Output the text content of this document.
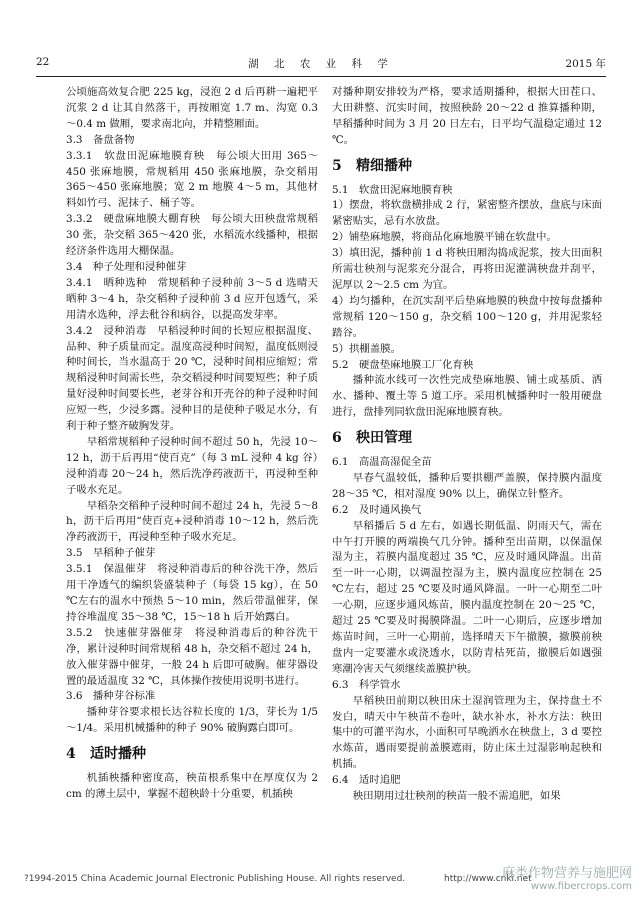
22	湖 北 农 业 科 学	2015 年

公顷施高效复合肥 225 kg，浸泡 2 d 后再耕一遍耙平沉浆 2 d 让其自然落干，再按厢宽 1.7 m、沟宽 0.3～0.4 m 做厢，要求南北向，并精整厢面。

3.3　备盘备物

3.3.1　软盘田泥麻地膜育秧　每公顷大田用 365～450 张麻地膜，常规稻用 450 张麻地膜，杂交稻用 365～450 张麻地膜；宽 2 m 地膜 4～5 m，其他材料如竹弓、泥抹子、桶子等。

3.3.2　硬盘麻地膜大棚育秧　每公顷大田秧盘常规稻 30 张，杂交稻 365～420 张，水稻流水线播种，根据经济条件选用大棚保温。

3.4　种子处理和浸种催芽

3.4.1　晒种选种　常规稻种子浸种前 3～5 d 选晴天晒种 3～4 h，杂交稻种子浸种前 3 d 应开包透气，采用清水选种，浮去秕谷和病谷，以提高发芽率。

3.4.2　浸种消毒　早稻浸种时间的长短应根据温度、品种、种子质量而定。温度高浸种时间短，温度低则浸种时间长，当水温高于 20 ℃，浸种时间相应缩短；常规稻浸种时间需长些，杂交稻浸种时间要短些；种子质量好浸种时间要长些，老芽谷和开壳谷的种子浸种时间应短一些，少浸多露。浸种目的是使种子吸足水分，有利于种子整齐破胸发芽。

早稻常规稻种子浸种时间不超过 50 h，先浸 10～12 h，沥干后再用“使百克”（每 3 mL 浸种 4 kg 谷）浸种消毒 20～24 h，然后洗净药液沥干，再浸种至种子吸水充足。

早稻杂交稻种子浸种时间不超过 24 h，先浸 5～8 h，沥干后再用“使百克+浸种消毒 10～12 h，然后洗净药液沥干，再浸种至种子吸水充足。

3.5　早稻种子催芽

3.5.1　保温催芽　将浸种消毒后的种谷洗干净，然后用干净透气的编织袋盛装种子（每袋 15 kg），在 50 ℃左右的温水中预热 5～10 min，然后带温催芽，保持谷堆温度 35～38 ℃，15～18 h 后开始露白。

3.5.2　快速催芽器催芽　将浸种消毒后的种谷洗干净，累计浸种时间常规稻 48 h，杂交稻不超过 24 h，放入催芽器中催芽，一般 24 h 后即可破胸。催芽器设置的最适温度 32 ℃，具体操作按使用说明书进行。

3.6　播种芽谷标准

播种芽谷要求根长达谷粒长度的 1/3，芽长为 1/5～1/4。采用机械播种的种子 90% 破胸露白即可。

4 适时播种

机插秧播种密度高，秧苗根系集中在厚度仅为 2 cm 的薄土层中，掌握不超秧龄十分重要，机插秧

对播种期安排较为严格，要求适期播种，根据大田茬口、大田耕整、沉实时间，按照秧龄 20～22 d 推算播种期，早稻播种时间为 3 月 20 日左右，日平均气温稳定通过 12 ℃。

5 精细播种

5.1　软盘田泥麻地膜育秧

1）摆盘，将软盘横排成 2 行，紧密整齐摆放，盘底与床面紧密贴实，忌有水放盘。

2）铺垫麻地膜，将商品化麻地膜平铺在软盘中。

3）填田泥，播种前 1 d 将秧田厢沟捣成泥浆，按大田面积所需壮秧剂与泥浆充分混合，再将田泥灌满秧盘并刮平，泥厚以 2～2.5 cm 为宜。

4）均匀播种，在沉实刮平后垫麻地膜的秧盘中按每盘播种常规稻 120～150 g，杂交稻 100～120 g，并用泥浆轻踏谷。

5）拱棚盖膜。

5.2　硬盘垫麻地膜工厂化育秧

播种流水线可一次性完成垫麻地膜、铺土或基质、洒水、播种、覆土等 5 道工序。采用机械播种时一般用硬盘进行，盘排列同软盘田泥麻地膜育秧。

6 秧田管理

6.1　高温高湿促全苗

早春气温较低，播种后要拱棚严盖膜，保持膜内温度 28～35 ℃，相对湿度 90% 以上，确保立针整齐。

6.2　及时通风换气

早稻播后 5 d 左右，如遇长期低温、阴雨天气，需在中午打开膜的两端换气几分钟。播种至出苗期，以保温保湿为主，若膜内温度超过 35 ℃，应及时通风降温。出苗至一叶一心期，以调温控湿为主，膜内温度应控制在 25 ℃左右，超过 25 ℃要及时通风降温。一叶一心期至二叶一心期，应逐步通风炼苗，膜内温度控制在 20～25 ℃，超过 25 ℃要及时揭膜降温。二叶一心期后，应逐步增加炼苗时间，三叶一心期前，选择晴天下午撤膜，撤膜前秧盘内一定要灌水或浇透水，以防青枯死苗，撤膜后如遇强寒潮冷害天气须继续盖膜护秧。

6.3　科学管水

早稻秧田前期以秧田床土湿润管理为主，保持盘土不发白，晴天中午秧苗不卷叶，缺水补水，补水方法：秧田集中的可灌平沟水，小面积可早晚洒水在秧盘上，3 d 要控水炼苗，遇雨要提前盖膜遮雨，防止床土过湿影响起秧和机插。

6.4　适时追肥

秧田期用过壮秧剂的秧苗一般不需追肥，如果

?1994-2015 China Academic Journal Electronic Publishing House. All rights reserved.	http://www.cnki.net
麻类作物营养与施肥网
www.fibercrops.com
